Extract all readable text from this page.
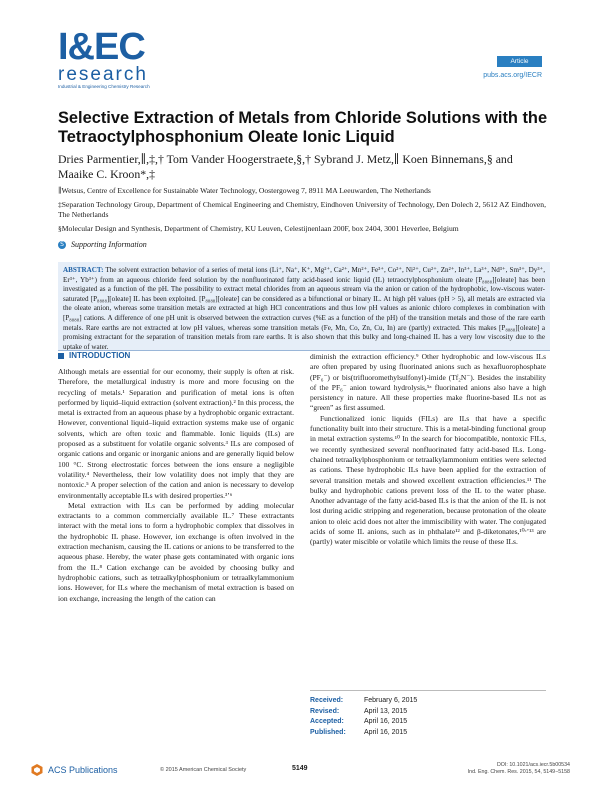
I&EC
research
Industrial & Engineering Chemistry Research
Article
pubs.acs.org/IECR
Selective Extraction of Metals from Chloride Solutions with the Tetraoctylphosphonium Oleate Ionic Liquid
Dries Parmentier,∥,‡,† Tom Vander Hoogerstraete,§,† Sybrand J. Metz,∥ Koen Binnemans,§ and Maaike C. Kroon*,‡

∥Wetsus, Centre of Excellence for Sustainable Water Technology, Oostergoweg 7, 8911 MA Leeuwarden, The Netherlands

‡Separation Technology Group, Department of Chemical Engineering and Chemistry, Eindhoven University of Technology, Den Dolech 2, 5612 AZ Eindhoven, The Netherlands

§Molecular Design and Synthesis, Department of Chemistry, KU Leuven, Celestijnenlaan 200F, box 2404, 3001 Heverlee, Belgium

S Supporting Information
ABSTRACT: The solvent extraction behavior of a series of metal ions (Li⁺, Na⁺, K⁺, Mg²⁺, Ca²⁺, Mn²⁺, Fe³⁺, Co²⁺, Ni²⁺, Cu²⁺, Zn²⁺, In³⁺, La³⁺, Nd³⁺, Sm³⁺, Dy³⁺, Er³⁺, Yb³⁺) from an aqueous chloride feed solution by the nonfluorinated fatty acid-based ionic liquid (IL) tetraoctylphosphonium oleate [P₈₈₈₈][oleate] has been investigated as a function of the pH. The possibility to extract metal chlorides from an aqueous stream via the anion or cation of the hydrophobic, low-viscous water-saturated [P₈₈₈₈][oleate] IL has been exploited. [P₈₈₈₈][oleate] can be considered as a bifunctional or binary IL. At high pH values (pH > 5), all metals are extracted via the oleate anion, whereas some transition metals are extracted at high HCl concentrations and thus low pH values as anionic chloro complexes in combination with [P₈₈₈₈] cations. A difference of one pH unit is observed between the extraction curves (%E as a function of the pH) of the transition metals and those of the rare earth metals. Rare earths are not extracted at low pH values, whereas some transition metals (Fe, Mn, Co, Zn, Cu, In) are (partly) extracted. This makes [P₈₈₈₈][oleate] a promising extractant for the separation of transition metals from rare earths. It is also shown that this bulky and long-chained IL has a very low viscosity due to the uptake of water.
INTRODUCTION

Although metals are essential for our economy, their supply is often at risk. Therefore, the metallurgical industry is more and more focusing on the recycling of metals.¹ Separation and purification of metal ions is often performed by liquid–liquid extraction (solvent extraction).² In this process, the metal is extracted from an aqueous phase by a hydrophobic organic extractant. However, conventional liquid–liquid extraction systems make use of organic solvents, which are often toxic and flammable. Ionic liquids (ILs) are proposed as a substituent for volatile organic solvents.³ ILs are composed of organic cations and organic or inorganic anions and are generally liquid below 100 °C. Strong electrostatic forces between the ions ensure a negligible volatility.⁴ Nevertheless, their low volatility does not imply that they are nontoxic.⁵ A proper selection of the cation and anion is necessary to develop environmentally acceptable ILs with desired properties.³ʼ⁶

Metal extraction with ILs can be performed by adding molecular extractants to a common commercially available IL.⁷ These extractants interact with the metal ions to form a hydrophobic complex that dissolves in the hydrophobic IL phase. However, ion exchange is often involved in the extraction mechanism, causing the IL cations or anions to be transferred to the aqueous phase. Hereby, the water phase gets contaminated with organic ions from the IL.⁸ Cation exchange can be avoided by choosing bulky and hydrophobic cations, such as tetraalkylphosphonium or tetraalkylammonium ions. However, for ILs where the mechanism of metal extraction is based on ion exchange, increasing the length of the cation can

diminish the extraction efficiency.⁹ Other hydrophobic and low-viscous ILs are often prepared by using fluorinated anions such as hexafluorophosphate (PF₆⁻) or bis(trifluoromethylsulfonyl)-imide (Tf₂N⁻). Besides the instability of the PF₆⁻ anion toward hydrolysis,⁵ᵃ fluorinated anions also have a high persistency in nature. All these properties make fluorine-based ILs not as “green” as first assumed.

Functionalized ionic liquids (FILs) are ILs that have a specific functionality built into their structure. This is a metal-binding functional group in metal extraction systems.¹⁰ In the search for biocompatible, nontoxic FILs, we recently synthesized several nonfluorinated fatty acid-based ILs. Long-chained tetraalkylphosphonium or tetraalkylammonium entities were selected as cations. These hydrophobic ILs have been applied for the extraction of several transition metals and showed excellent extraction efficiencies.¹¹ The bulky and hydrophobic cations prevent loss of the IL to the water phase. Another advantage of the fatty acid-based ILs is that the anion of the IL is not lost during acidic stripping and regeneration, because protonation of the oleate anion to oleic acid does not alter the immiscibility with water. The conjugated acids of some IL anions, such as in phthalate¹² and β-diketonates,¹⁰ᶜʼ¹³ are (partly) water miscible or volatile which limits the reuse of these ILs.

Received:	February 6, 2015
Revised:	April 13, 2015
Accepted:	April 16, 2015
Published:	April 16, 2015
ACS Publications	© 2015 American Chemical Society	5149	DOI: 10.1021/acs.iecr.5b00534
Ind. Eng. Chem. Res. 2015, 54, 5149−5158
